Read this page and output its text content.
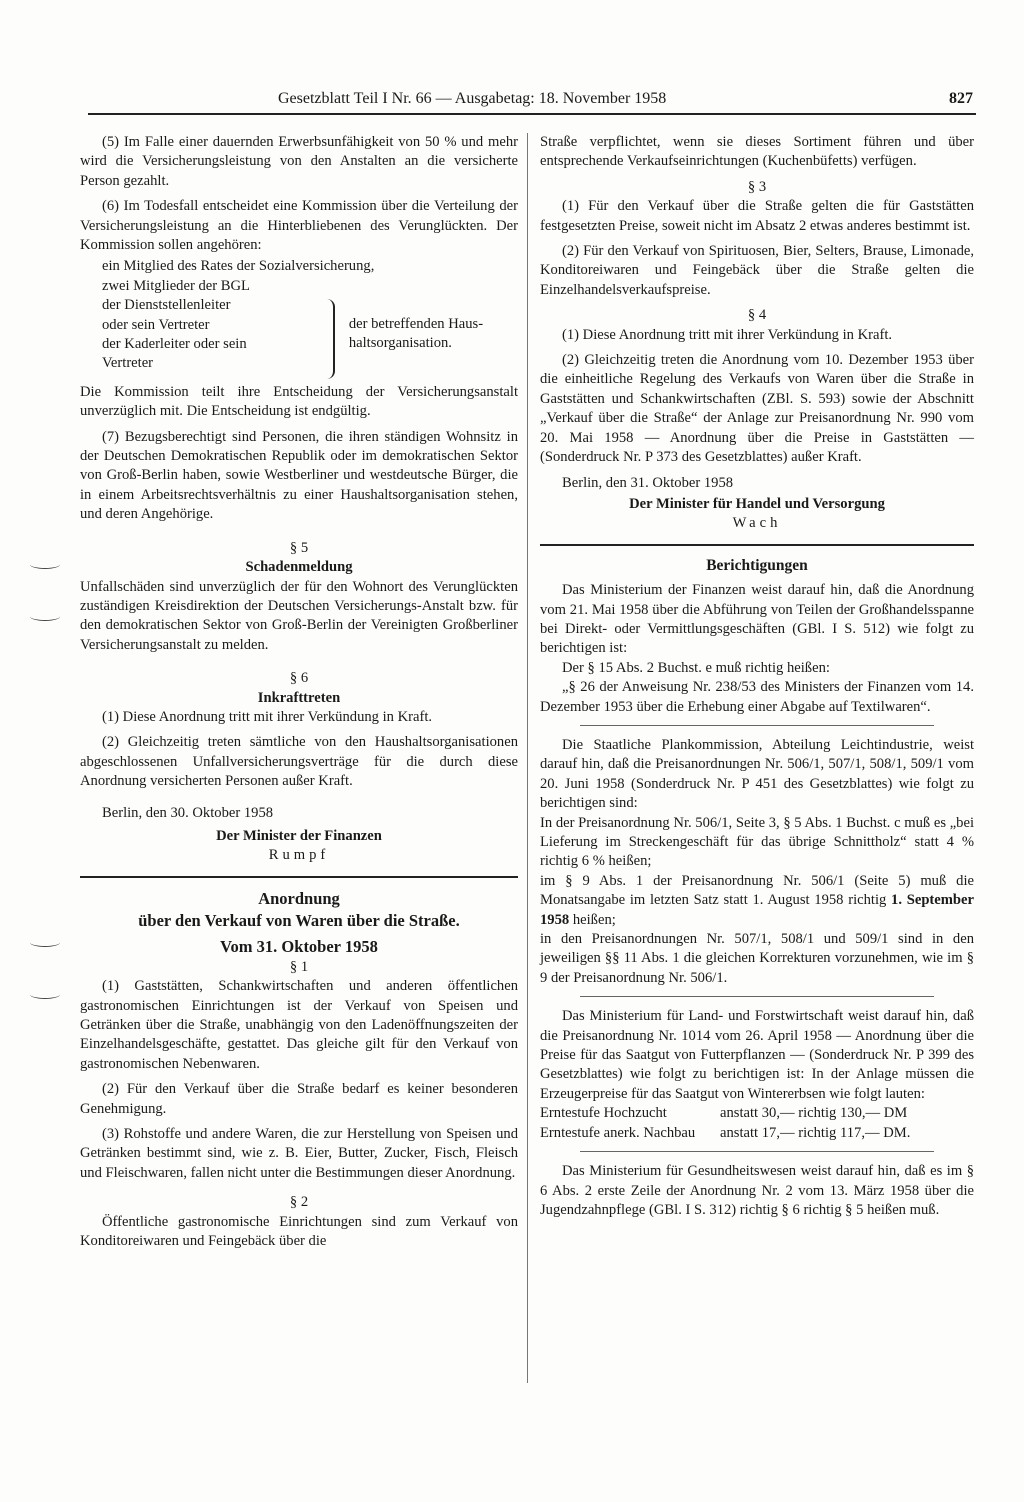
Gesetzblatt Teil I Nr. 66 — Ausgabetag: 18. November 1958	827

(5) Im Falle einer dauernden Erwerbsunfähigkeit von 50 % und mehr wird die Versicherungsleistung von den Anstalten an die versicherte Person gezahlt.

(6) Im Todesfall entscheidet eine Kommission über die Verteilung der Versicherungsleistung an die Hinterbliebenen des Verunglückten. Der Kommission sollen angehören:

ein Mitglied des Rates der Sozialversicherung,
zwei Mitglieder der BGL
der Dienststellenleiter
oder sein Vertreter
der Kaderleiter oder sein
Vertreter
der betreffenden Haus-
haltsorganisation.

Die Kommission teilt ihre Entscheidung der Versicherungsanstalt unverzüglich mit. Die Entscheidung ist endgültig.

(7) Bezugsberechtigt sind Personen, die ihren ständigen Wohnsitz in der Deutschen Demokratischen Republik oder im demokratischen Sektor von Groß-Berlin haben, sowie Westberliner und westdeutsche Bürger, die in einem Arbeitsrechtsverhältnis zu einer Haushaltsorganisation stehen, und deren Angehörige.

§ 5

Schadenmeldung

Unfallschäden sind unverzüglich der für den Wohnort des Verunglückten zuständigen Kreisdirektion der Deutschen Versicherungs-Anstalt bzw. für den demokratischen Sektor von Groß-Berlin der Vereinigten Großberliner Versicherungsanstalt zu melden.

§ 6

Inkrafttreten

(1) Diese Anordnung tritt mit ihrer Verkündung in Kraft.

(2) Gleichzeitig treten sämtliche von den Haushaltsorganisationen abgeschlossenen Unfallversicherungsverträge für die durch diese Anordnung versicherten Personen außer Kraft.

Berlin, den 30. Oktober 1958

Der Minister der Finanzen

Rumpf

Anordnung

über den Verkauf von Waren über die Straße.

Vom 31. Oktober 1958

§ 1

(1) Gaststätten, Schankwirtschaften und anderen öffentlichen gastronomischen Einrichtungen ist der Verkauf von Speisen und Getränken über die Straße, unabhängig von den Ladenöffnungszeiten der Einzelhandelsgeschäfte, gestattet. Das gleiche gilt für den Verkauf von gastronomischen Nebenwaren.

(2) Für den Verkauf über die Straße bedarf es keiner besonderen Genehmigung.

(3) Rohstoffe und andere Waren, die zur Herstellung von Speisen und Getränken bestimmt sind, wie z. B. Eier, Butter, Zucker, Fisch, Fleisch und Fleischwaren, fallen nicht unter die Bestimmungen dieser Anordnung.

§ 2

Öffentliche gastronomische Einrichtungen sind zum Verkauf von Konditoreiwaren und Feingebäck über die

Straße verpflichtet, wenn sie dieses Sortiment führen und über entsprechende Verkaufseinrichtungen (Kuchenbüfetts) verfügen.

§ 3

(1) Für den Verkauf über die Straße gelten die für Gaststätten festgesetzten Preise, soweit nicht im Absatz 2 etwas anderes bestimmt ist.

(2) Für den Verkauf von Spirituosen, Bier, Selters, Brause, Limonade, Konditoreiwaren und Feingebäck über die Straße gelten die Einzelhandelsverkaufspreise.

§ 4

(1) Diese Anordnung tritt mit ihrer Verkündung in Kraft.

(2) Gleichzeitig treten die Anordnung vom 10. Dezember 1953 über die einheitliche Regelung des Verkaufs von Waren über die Straße in Gaststätten und Schankwirtschaften (ZBl. S. 593) sowie der Abschnitt „Verkauf über die Straße“ der Anlage zur Preisanordnung Nr. 990 vom 20. Mai 1958 — Anordnung über die Preise in Gaststätten — (Sonderdruck Nr. P 373 des Gesetzblattes) außer Kraft.

Berlin, den 31. Oktober 1958

Der Minister für Handel und Versorgung

Wach

Berichtigungen

Das Ministerium der Finanzen weist darauf hin, daß die Anordnung vom 21. Mai 1958 über die Abführung von Teilen der Großhandelsspanne bei Direkt- oder Vermittlungsgeschäften (GBl. I S. 512) wie folgt zu berichtigen ist:

Der § 15 Abs. 2 Buchst. e muß richtig heißen:

„§ 26 der Anweisung Nr. 238/53 des Ministers der Finanzen vom 14. Dezember 1953 über die Erhebung einer Abgabe auf Textilwaren“.

Die Staatliche Plankommission, Abteilung Leichtindustrie, weist darauf hin, daß die Preisanordnungen Nr. 506/1, 507/1, 508/1, 509/1 vom 20. Juni 1958 (Sonderdruck Nr. P 451 des Gesetzblattes) wie folgt zu berichtigen sind:

In der Preisanordnung Nr. 506/1, Seite 3, § 5 Abs. 1 Buchst. c muß es „bei Lieferung im Streckengeschäft für das übrige Schnittholz“ statt 4 % richtig 6 % heißen;

im § 9 Abs. 1 der Preisanordnung Nr. 506/1 (Seite 5) muß die Monatsangabe im letzten Satz statt 1. August 1958 richtig 1. September 1958 heißen;

in den Preisanordnungen Nr. 507/1, 508/1 und 509/1 sind in den jeweiligen §§ 11 Abs. 1 die gleichen Korrekturen vorzunehmen, wie im § 9 der Preisanordnung Nr. 506/1.

Das Ministerium für Land- und Forstwirtschaft weist darauf hin, daß die Preisanordnung Nr. 1014 vom 26. April 1958 — Anordnung über die Preise für das Saatgut von Futterpflanzen — (Sonderdruck Nr. P 399 des Gesetzblattes) wie folgt zu berichtigen ist: In der Anlage müssen die Erzeugerpreise für das Saatgut von Wintererbsen wie folgt lauten:

Erntestufe Hochzucht	anstatt 30,— richtig 130,— DM
Erntestufe anerk. Nachbau	anstatt 17,— richtig 117,— DM.

Das Ministerium für Gesundheitswesen weist darauf hin, daß es im § 6 Abs. 2 erste Zeile der Anordnung Nr. 2 vom 13. März 1958 über die Jugendzahnpflege (GBl. I S. 312) richtig § 6 richtig § 5 heißen muß.
